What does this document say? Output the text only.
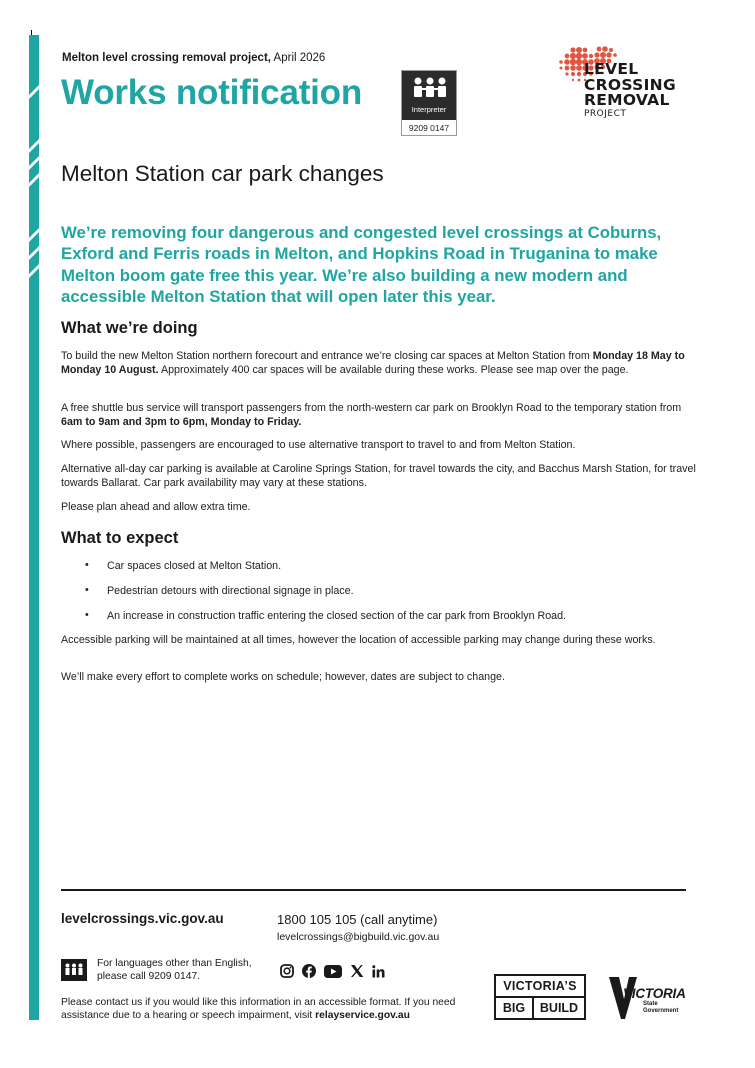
Melton level crossing removal project, April 2026
Works notification	Interpreter
9209 0147
LEVEL
CROSSING
REMOVAL
PROJECT
Melton Station car park changes
We’re removing four dangerous and congested level crossings at Coburns, Exford and Ferris roads in Melton, and Hopkins Road in Truganina to make Melton boom gate free this year. We’re also building a new modern and accessible Melton Station that will open later this year.
What we’re doing
To build the new Melton Station northern forecourt and entrance we’re closing car spaces at Melton Station from Monday 18 May to Monday 10 August. Approximately 400 car spaces will be available during these works. Please see map over the page.
A free shuttle bus service will transport passengers from the north-western car park on Brooklyn Road to the temporary station from 6am to 9am and 3pm to 6pm, Monday to Friday.
Where possible, passengers are encouraged to use alternative transport to travel to and from Melton Station.
Alternative all-day car parking is available at Caroline Springs Station, for travel towards the city, and Bacchus Marsh Station, for travel towards Ballarat. Car park availability may vary at these stations.
Please plan ahead and allow extra time.
What to expect
• Car spaces closed at Melton Station.
• Pedestrian detours with directional signage in place.
• An increase in construction traffic entering the closed section of the car park from Brooklyn Road.
Accessible parking will be maintained at all times, however the location of accessible parking may change during these works.
We’ll make every effort to complete works on schedule; however, dates are subject to change.
levelcrossings.vic.gov.au	1800 105 105 (call anytime)
levelcrossings@bigbuild.vic.gov.au
For languages other than English, please call 9209 0147.
Please contact us if you would like this information in an accessible format. If you need assistance due to a hearing or speech impairment, visit relayservice.gov.au
VICTORIA’S
BIG	BUILD
VICTORIA
State
Government
